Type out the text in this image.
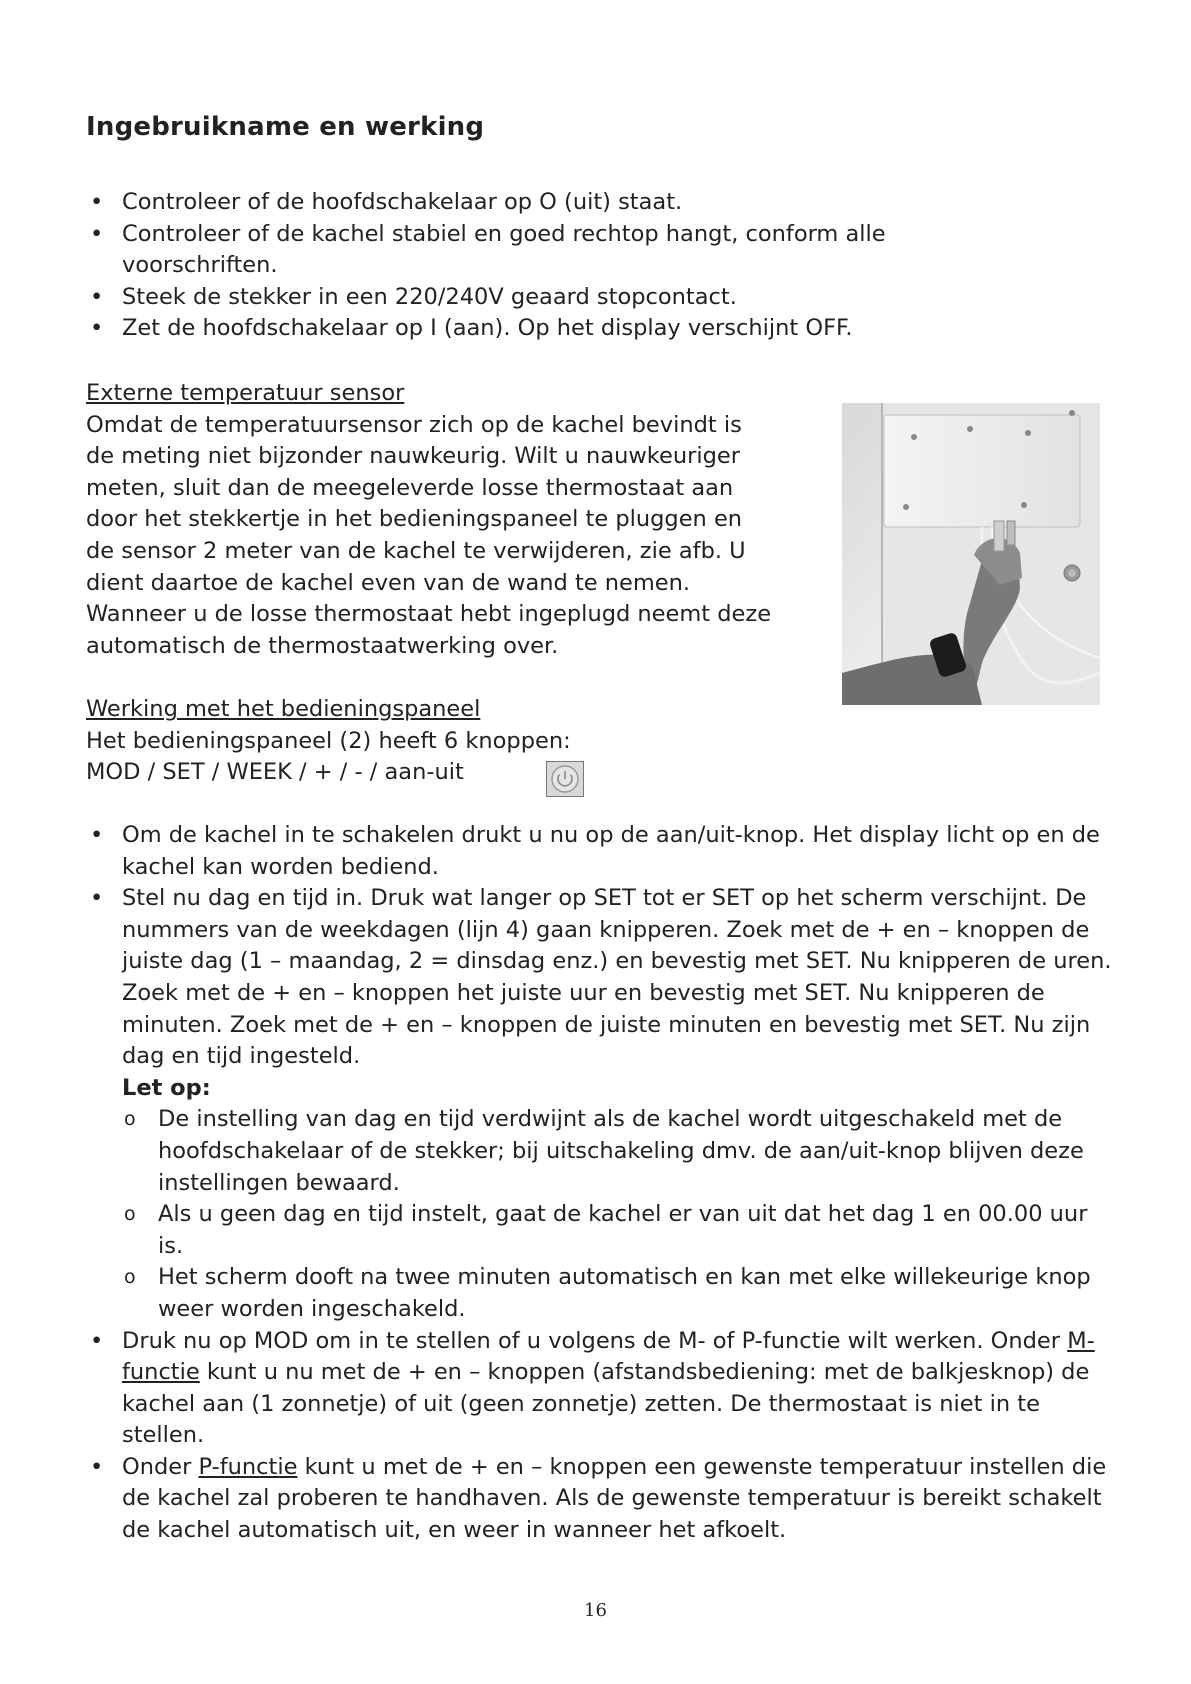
Ingebruikname en werking
• Controleer of de hoofdschakelaar op O (uit) staat.
• Controleer of de kachel stabiel en goed rechtop hangt, conform alle voorschriften.
• Steek de stekker in een 220/240V geaard stopcontact.
• Zet de hoofdschakelaar op I (aan). Op het display verschijnt OFF.
Externe temperatuur sensor
Omdat de temperatuursensor zich op de kachel bevindt is
de meting niet bijzonder nauwkeurig. Wilt u nauwkeuriger
meten, sluit dan de meegeleverde losse thermostaat aan
door het stekkertje in het bedieningspaneel te pluggen en
de sensor 2 meter van de kachel te verwijderen, zie afb. U
dient daartoe de kachel even van de wand te nemen.
Wanneer u de losse thermostaat hebt ingeplugd neemt deze
automatisch de thermostaatwerking over.
Werking met het bedieningspaneel
Het bedieningspaneel (2) heeft 6 knoppen:
MOD / SET / WEEK / + / - / aan-uit
• Om de kachel in te schakelen drukt u nu op de aan/uit-knop. Het display licht op en de kachel kan worden bediend.
• Stel nu dag en tijd in. Druk wat langer op SET tot er SET op het scherm verschijnt. De nummers van de weekdagen (lijn 4) gaan knipperen. Zoek met de + en – knoppen de juiste dag (1 – maandag, 2 = dinsdag enz.) en bevestig met SET. Nu knipperen de uren. Zoek met de + en – knoppen het juiste uur en bevestig met SET. Nu knipperen de minuten. Zoek met de + en – knoppen de juiste minuten en bevestig met SET. Nu zijn dag en tijd ingesteld.
Let op:
o De instelling van dag en tijd verdwijnt als de kachel wordt uitgeschakeld met de hoofdschakelaar of de stekker; bij uitschakeling dmv. de aan/uit-knop blijven deze instellingen bewaard.
o Als u geen dag en tijd instelt, gaat de kachel er van uit dat het dag 1 en 00.00 uur is.
o Het scherm dooft na twee minuten automatisch en kan met elke willekeurige knop weer worden ingeschakeld.
• Druk nu op MOD om in te stellen of u volgens de M- of P-functie wilt werken. Onder M-functie kunt u nu met de + en – knoppen (afstandsbediening: met de balkjesknop) de kachel aan (1 zonnetje) of uit (geen zonnetje) zetten. De thermostaat is niet in te stellen.
• Onder P-functie kunt u met de + en – knoppen een gewenste temperatuur instellen die de kachel zal proberen te handhaven. Als de gewenste temperatuur is bereikt schakelt de kachel automatisch uit, en weer in wanneer het afkoelt.
16
